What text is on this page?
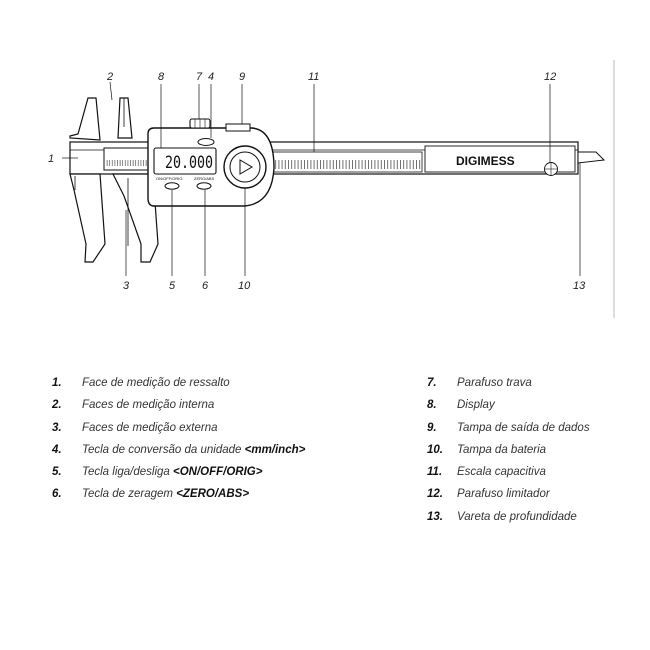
20.000
ON/OFF/ORIG	ZERO/ABS
DIGIMESS
1
2	8	7 4 9	11	12
3	5 6	10	13
1. Face de medição de ressalto
2. Faces de medição interna
3. Faces de medição externa
4. Tecla de conversão da unidade <mm/inch>
5. Tecla liga/desliga <ON/OFF/ORIG>
6. Tecla de zeragem <ZERO/ABS>
7. Parafuso trava
8. Display
9. Tampa de saída de dados
10. Tampa da bateria
11. Escala capacitiva
12. Parafuso limitador
13. Vareta de profundidade
